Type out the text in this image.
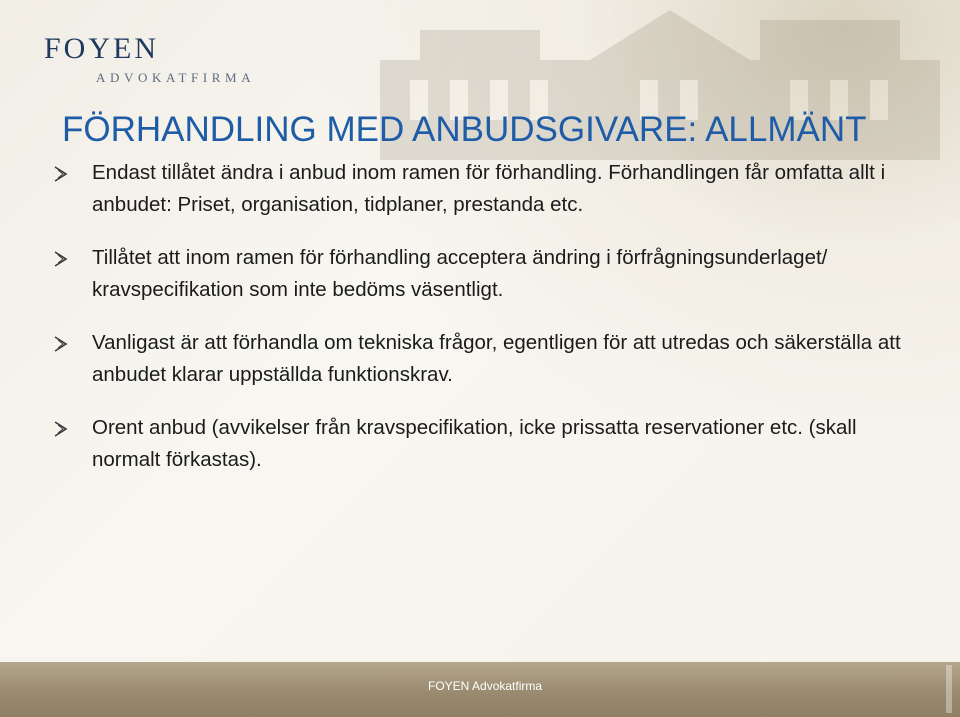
FOYEN
ADVOKATFIRMA
FÖRHANDLING MED ANBUDSGIVARE: ALLMÄNT
Endast tillåtet ändra i anbud inom ramen för förhandling. Förhandlingen får omfatta allt i anbudet: Priset, organisation, tidplaner, prestanda etc.
Tillåtet att inom ramen för förhandling acceptera ändring i förfrågningsunderlaget/ kravspecifikation som inte bedöms väsentligt.
Vanligast är att förhandla om tekniska frågor, egentligen för att utredas och säkerställa att anbudet klarar uppställda funktionskrav.
Orent anbud (avvikelser från kravspecifikation, icke prissatta reservationer etc. (skall normalt förkastas).
FOYEN Advokatfirma
